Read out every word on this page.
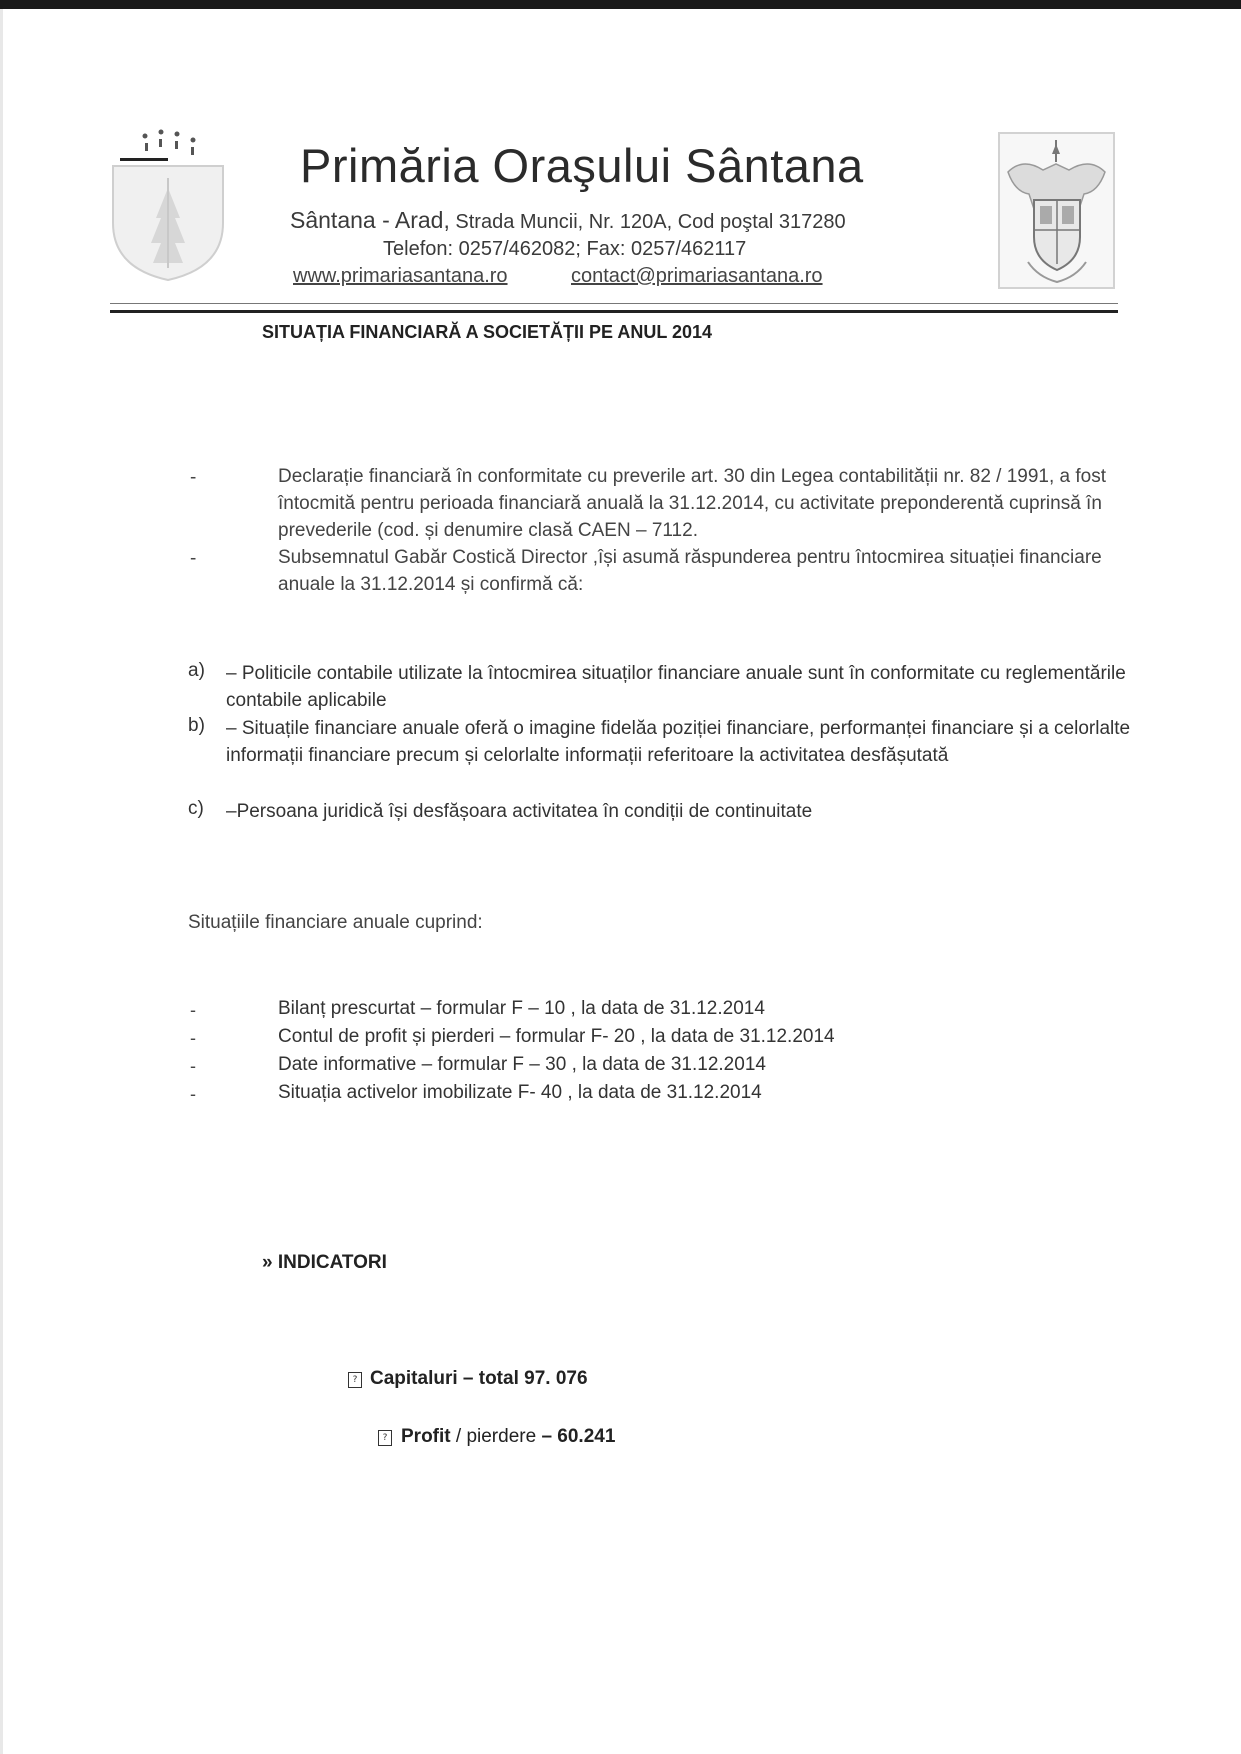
Primăria Oraşului Sântana
Sântana - Arad, Strada Muncii, Nr. 120A, Cod poştal 317280
Telefon: 0257/462082; Fax: 0257/462117
www.primariasantana.ro	contact@primariasantana.ro
SITUAȚIA FINANCIARĂ A SOCIETĂȚII PE ANUL 2014
-	Declarație financiară în conformitate cu preverile art. 30 din Legea contabilității nr. 82 / 1991, a fost întocmită pentru perioada financiară anuală la 31.12.2014, cu activitate preponderentă cuprinsă în prevederile (cod. și denumire clasă CAEN – 7112.
-	Subsemnatul Gabăr Costică Director ,își asumă răspunderea pentru întocmirea situației financiare anuale la 31.12.2014 și confirmă că:
a) – Politicile contabile utilizate la întocmirea situaților financiare anuale sunt în conformitate cu reglementările contabile aplicabile
b) – Situațile financiare anuale oferă o imagine fidelăa poziției financiare, performanței financiare și a celorlalte informații financiare precum și celorlalte informații referitoare la activitatea desfășutată
c) –Persoana juridică își desfășoara activitatea în condiții de continuitate
Situațiile financiare anuale cuprind:
-	Bilanț prescurtat – formular F – 10 , la data de 31.12.2014
-	Contul de profit și pierderi – formular F- 20 , la data de 31.12.2014
-	Date informative – formular F – 30 , la data de 31.12.2014
-	Situația activelor imobilizate F- 40 , la data de 31.12.2014
» INDICATORI
? Capitaluri – total 97. 076
? Profit / pierdere – 60.241
